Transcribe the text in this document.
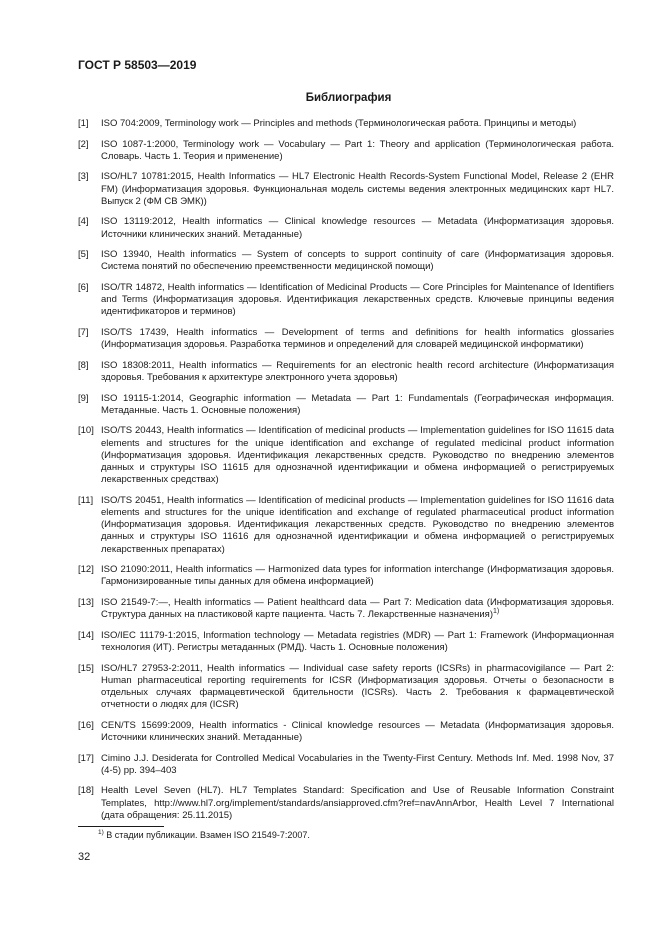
ГОСТ Р 58503—2019
Библиография
[1] ISO 704:2009, Terminology work — Principles and methods (Терминологическая работа. Принципы и методы)
[2] ISO 1087-1:2000, Terminology work — Vocabulary — Part 1: Theory and application (Терминологическая работа. Словарь. Часть 1. Теория и применение)
[3] ISO/HL7 10781:2015, Health Informatics — HL7 Electronic Health Records-System Functional Model, Release 2 (EHR FM) (Информатизация здоровья. Функциональная модель системы ведения электронных медицинских карт HL7. Выпуск 2 (ФМ СВ ЭМК))
[4] ISO 13119:2012, Health informatics — Clinical knowledge resources — Metadata (Информатизация здоровья. Источники клинических знаний. Метаданные)
[5] ISO 13940, Health informatics — System of concepts to support continuity of care (Информатизация здоровья. Система понятий по обеспечению преемственности медицинской помощи)
[6] ISO/TR 14872, Health informatics — Identification of Medicinal Products — Core Principles for Maintenance of Identifiers and Terms (Информатизация здоровья. Идентификация лекарственных средств. Ключевые принципы ведения идентификаторов и терминов)
[7] ISO/TS 17439, Health informatics — Development of terms and definitions for health informatics glossaries (Информатизация здоровья. Разработка терминов и определений для словарей медицинской информатики)
[8] ISO 18308:2011, Health informatics — Requirements for an electronic health record architecture (Информатизация здоровья. Требования к архитектуре электронного учета здоровья)
[9] ISO 19115-1:2014, Geographic information — Metadata — Part 1: Fundamentals (Географическая информация. Метаданные. Часть 1. Основные положения)
[10] ISO/TS 20443, Health informatics — Identification of medicinal products — Implementation guidelines for ISO 11615 data elements and structures for the unique identification and exchange of regulated medicinal product information (Информатизация здоровья. Идентификация лекарственных средств. Руководство по внедрению элементов данных и структуры ISO 11615 для однозначной идентификации и обмена информацией о регистрируемых лекарственных средствах)
[11] ISO/TS 20451, Health informatics — Identification of medicinal products — Implementation guidelines for ISO 11616 data elements and structures for the unique identification and exchange of regulated pharmaceutical product information (Информатизация здоровья. Идентификация лекарственных средств. Руководство по внедрению элементов данных и структуры ISO 11616 для однозначной идентификации и обмена информацией о регистрируемых лекарственных препаратах)
[12] ISO 21090:2011, Health informatics — Harmonized data types for information interchange (Информатизация здоровья. Гармонизированные типы данных для обмена информацией)
[13] ISO 21549-7:—, Health informatics — Patient healthcard data — Part 7: Medication data (Информатизация здоровья. Структура данных на пластиковой карте пациента. Часть 7. Лекарственные назначения)$^{1)}$
[14] ISO/IEC 11179-1:2015, Information technology — Metadata registries (MDR) — Part 1: Framework (Информационная технология (ИТ). Регистры метаданных (РМД). Часть 1. Основные положения)
[15] ISO/HL7 27953-2:2011, Health informatics — Individual case safety reports (ICSRs) in pharmacovigilance — Part 2: Human pharmaceutical reporting requirements for ICSR (Информатизация здоровья. Отчеты о безопасности в отдельных случаях фармацевтической бдительности (ICSRs). Часть 2. Требования к фармацевтической отчетности о людях для (ICSR)
[16] CEN/TS 15699:2009, Health informatics - Clinical knowledge resources — Metadata (Информатизация здоровья. Источники клинических знаний. Метаданные)
[17] Cimino J.J. Desiderata for Controlled Medical Vocabularies in the Twenty-First Century. Methods Inf. Med. 1998 Nov, 37 (4-5) pp. 394–403
[18] Health Level Seven (HL7). HL7 Templates Standard: Specification and Use of Reusable Information Constraint Templates, http://www.hl7.org/implement/standards/ansiapproved.cfm?ref=navAnnArbor, Health Level 7 International (дата обращения: 25.11.2015)
$^{1)}$ В стадии публикации. Взамен ISO 21549-7:2007.
32
